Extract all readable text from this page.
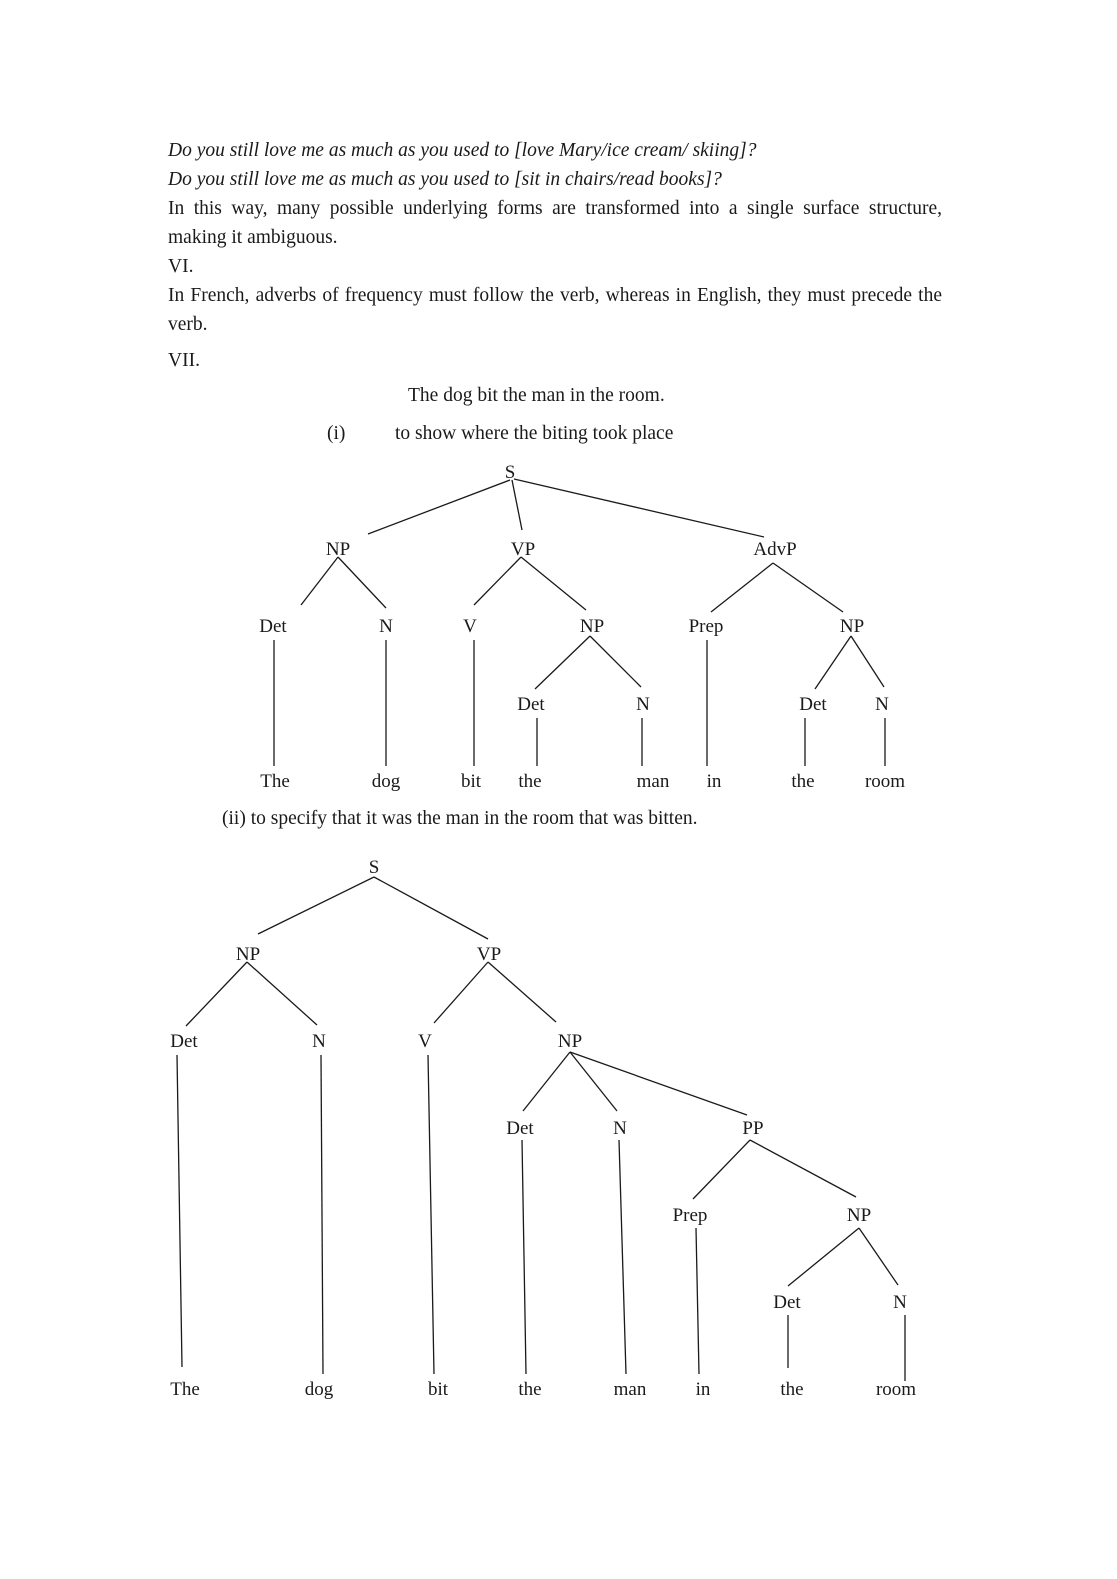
Do you still love me as much as you used to [love Mary/ice cream/ skiing]?
Do you still love me as much as you used to [sit in chairs/read books]?
In this way, many possible underlying forms are transformed into a single surface structure, making it ambiguous.
VI.
In French, adverbs of frequency must follow the verb, whereas in English, they must precede the verb.
VII.
The dog bit the man in the room.
(i)	to show where the biting took place
(ii) to specify that it was the man in the room that was bitten.
S
NP	VP	AdvP
Det	N	V	NP	Prep	NP
Det	N	Det	N
The	dog	bit the	man in	the	room
S
NP	VP
Det	N	V	NP
Det	N	PP
Prep	NP
Det	N
The	dog	bit	the	man	in	the	room
